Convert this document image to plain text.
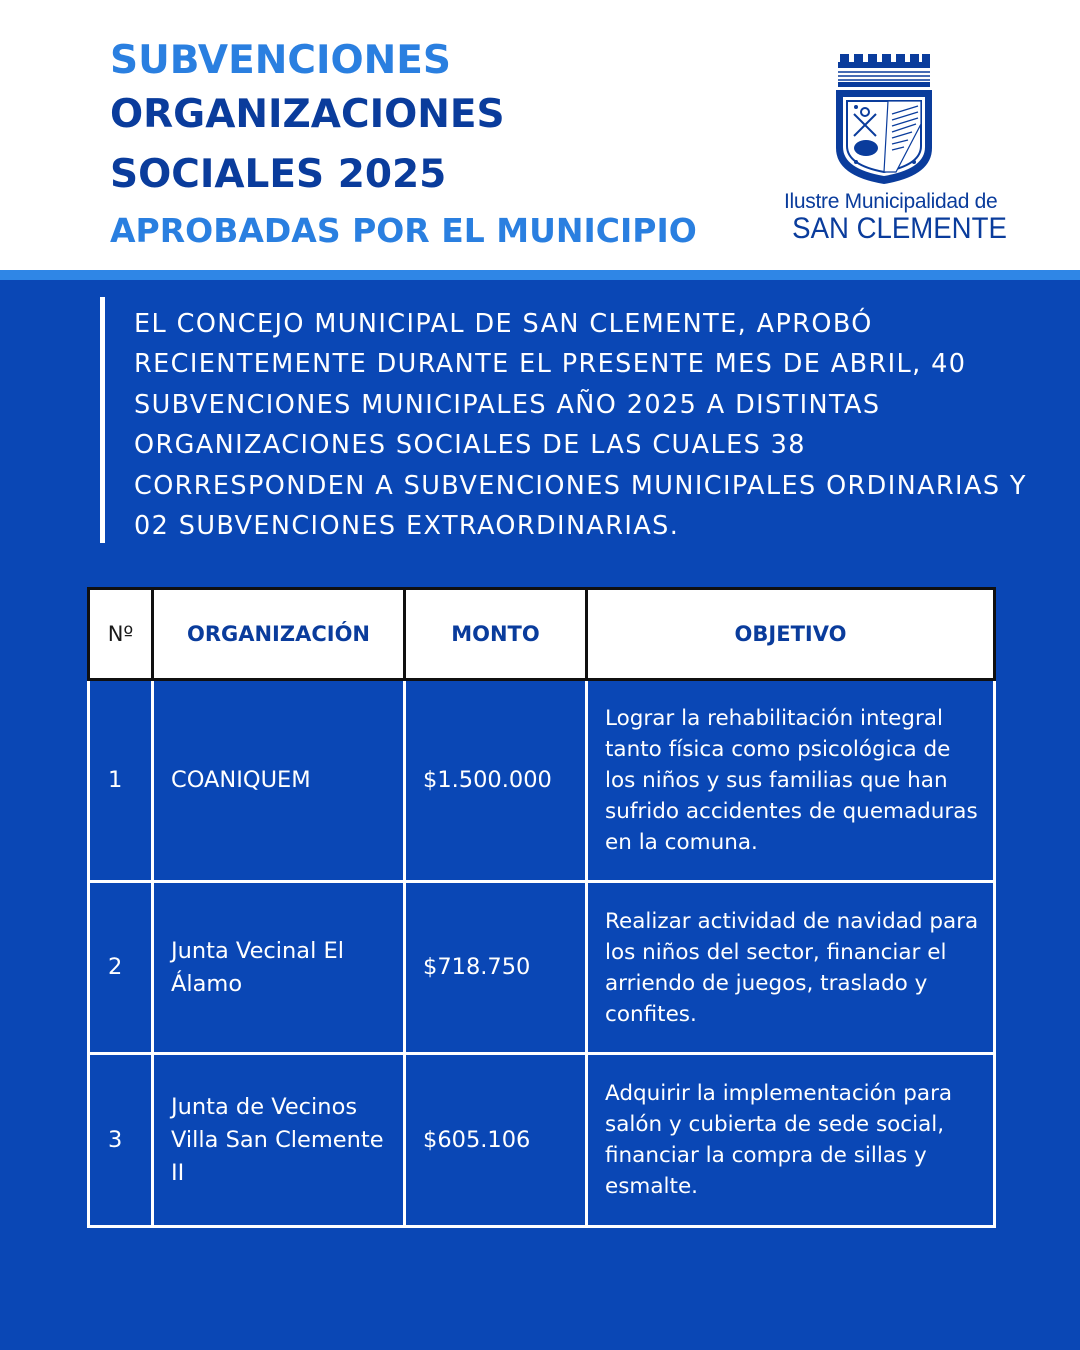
SUBVENCIONES
ORGANIZACIONES
SOCIALES 2025
APROBADAS POR EL MUNICIPIO
Ilustre Municipalidad de
SAN CLEMENTE
EL CONCEJO MUNICIPAL DE SAN CLEMENTE, APROBÓ RECIENTEMENTE DURANTE EL PRESENTE MES DE ABRIL, 40 SUBVENCIONES MUNICIPALES AÑO 2025 A DISTINTAS ORGANIZACIONES SOCIALES DE LAS CUALES 38 CORRESPONDEN A SUBVENCIONES MUNICIPALES ORDINARIAS Y 02 SUBVENCIONES EXTRAORDINARIAS.
Nº	ORGANIZACIÓN	MONTO	OBJETIVO
1	COANIQUEM	$1.500.000	Lograr la rehabilitación integral tanto física como psicológica de los niños y sus familias que han sufrido accidentes de quemaduras en la comuna.
2	Junta Vecinal El Álamo	$718.750	Realizar actividad de navidad para los niños del sector, financiar el arriendo de juegos, traslado y confites.
3	Junta de Vecinos Villa San Clemente II	$605.106	Adquirir la implementación para salón y cubierta de sede social, financiar la compra de sillas y esmalte.
